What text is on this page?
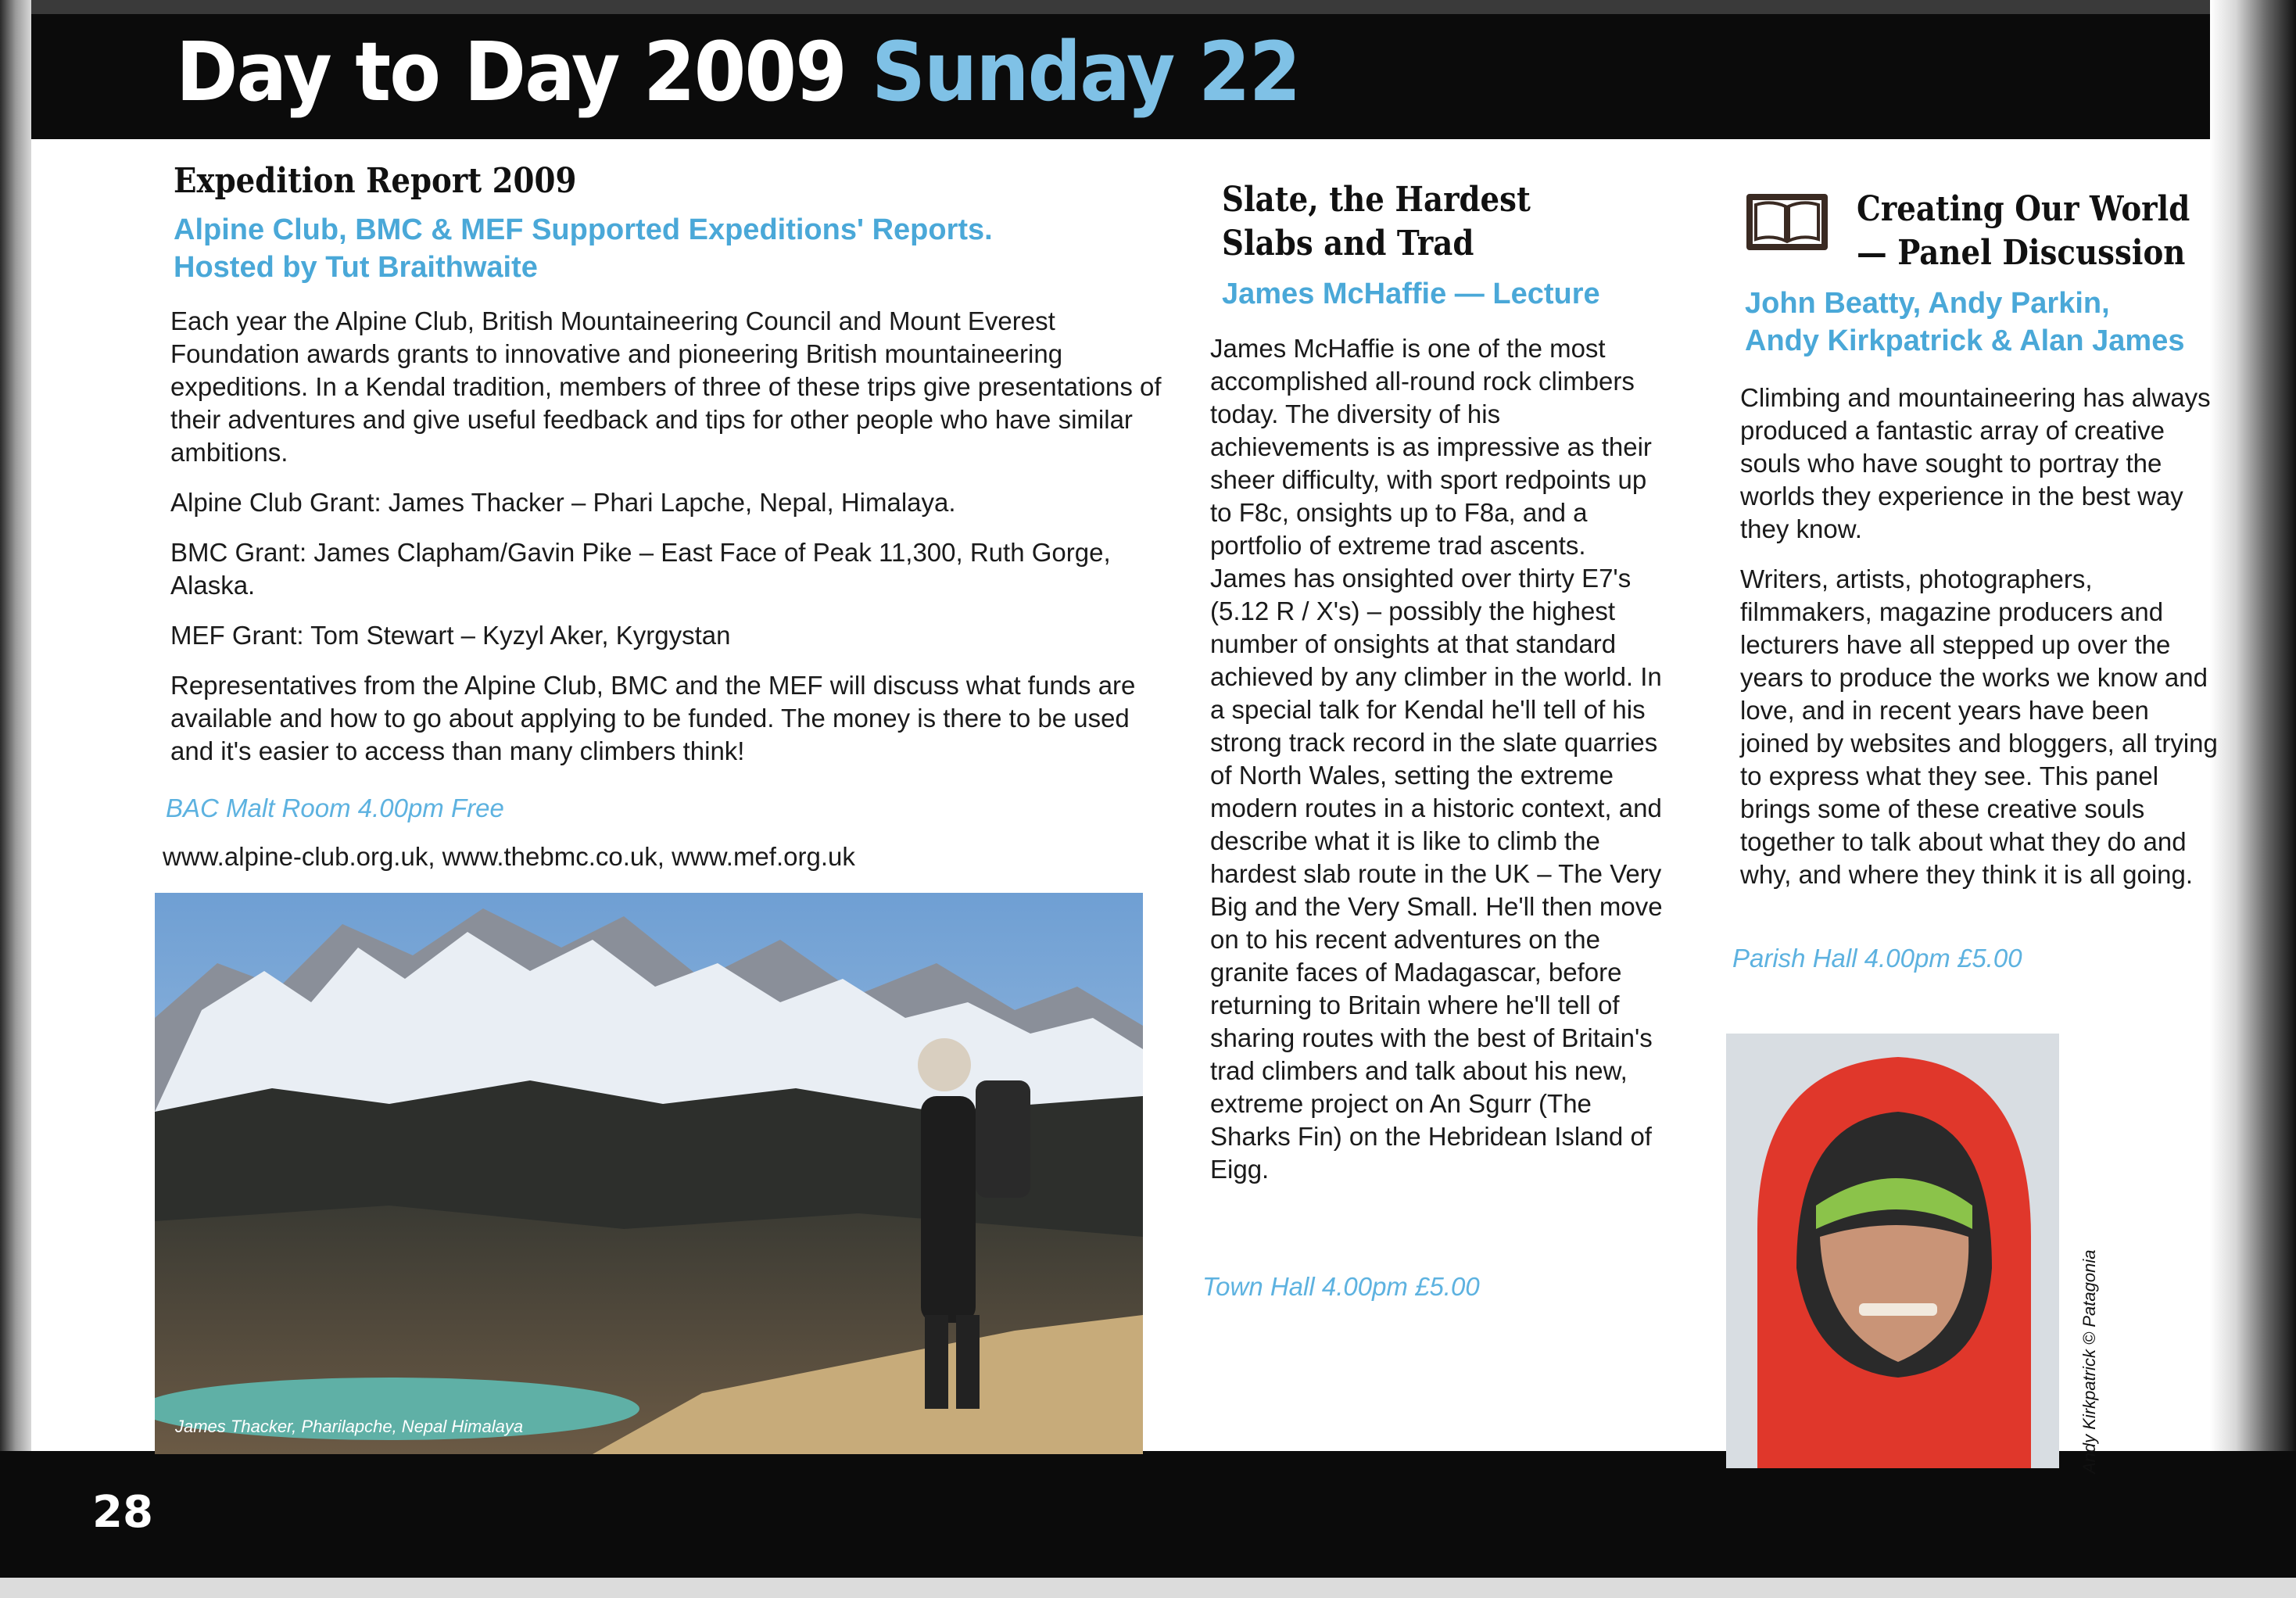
Day to Day 2009 Sunday 22
28
Expedition Report 2009
Alpine Club, BMC & MEF Supported Expeditions' Reports.
Hosted by Tut Braithwaite

Each year the Alpine Club, British Mountaineering Council and Mount Everest Foundation awards grants to innovative and pioneering British mountaineering expeditions. In a Kendal tradition, members of three of these trips give presentations of their adventures and give useful feedback and tips for other people who have similar ambitions.

Alpine Club Grant: James Thacker – Phari Lapche, Nepal, Himalaya.

BMC Grant: James Clapham/Gavin Pike – East Face of Peak 11,300, Ruth Gorge, Alaska.

MEF Grant: Tom Stewart – Kyzyl Aker, Kyrgystan

Representatives from the Alpine Club, BMC and the MEF will discuss what funds are available and how to go about applying to be funded. The money is there to be used and it's easier to access than many climbers think!

BAC Malt Room 4.00pm Free
www.alpine-club.org.uk, www.thebmc.co.uk, www.mef.org.uk
James Thacker, Pharilapche, Nepal Himalaya
Slate, the Hardest
Slabs and Trad
James McHaffie — Lecture

James McHaffie is one of the most accomplished all-round rock climbers today. The diversity of his achievements is as impressive as their sheer difficulty, with sport redpoints up to F8c, onsights up to F8a, and a portfolio of extreme trad ascents. James has onsighted over thirty E7's (5.12 R / X's) – possibly the highest number of onsights at that standard achieved by any climber in the world. In a special talk for Kendal he'll tell of his strong track record in the slate quarries of North Wales, setting the extreme modern routes in a historic context, and describe what it is like to climb the hardest slab route in the UK – The Very Big and the Very Small. He'll then move on to his recent adventures on the granite faces of Madagascar, before returning to Britain where he'll tell of sharing routes with the best of Britain's trad climbers and talk about his new, extreme project on An Sgurr (The Sharks Fin) on the Hebridean Island of Eigg.

Town Hall 4.00pm £5.00
Creating Our World
— Panel Discussion
John Beatty, Andy Parkin,
Andy Kirkpatrick & Alan James

Climbing and mountaineering has always produced a fantastic array of creative souls who have sought to portray the worlds they experience in the best way they know.

Writers, artists, photographers, filmmakers, magazine producers and lecturers have all stepped up over the years to produce the works we know and love, and in recent years have been joined by websites and bloggers, all trying to express what they see. This panel brings some of these creative souls together to talk about what they do and why, and where they think it is all going.

Parish Hall 4.00pm £5.00
Andy Kirkpatrick © Patagonia
